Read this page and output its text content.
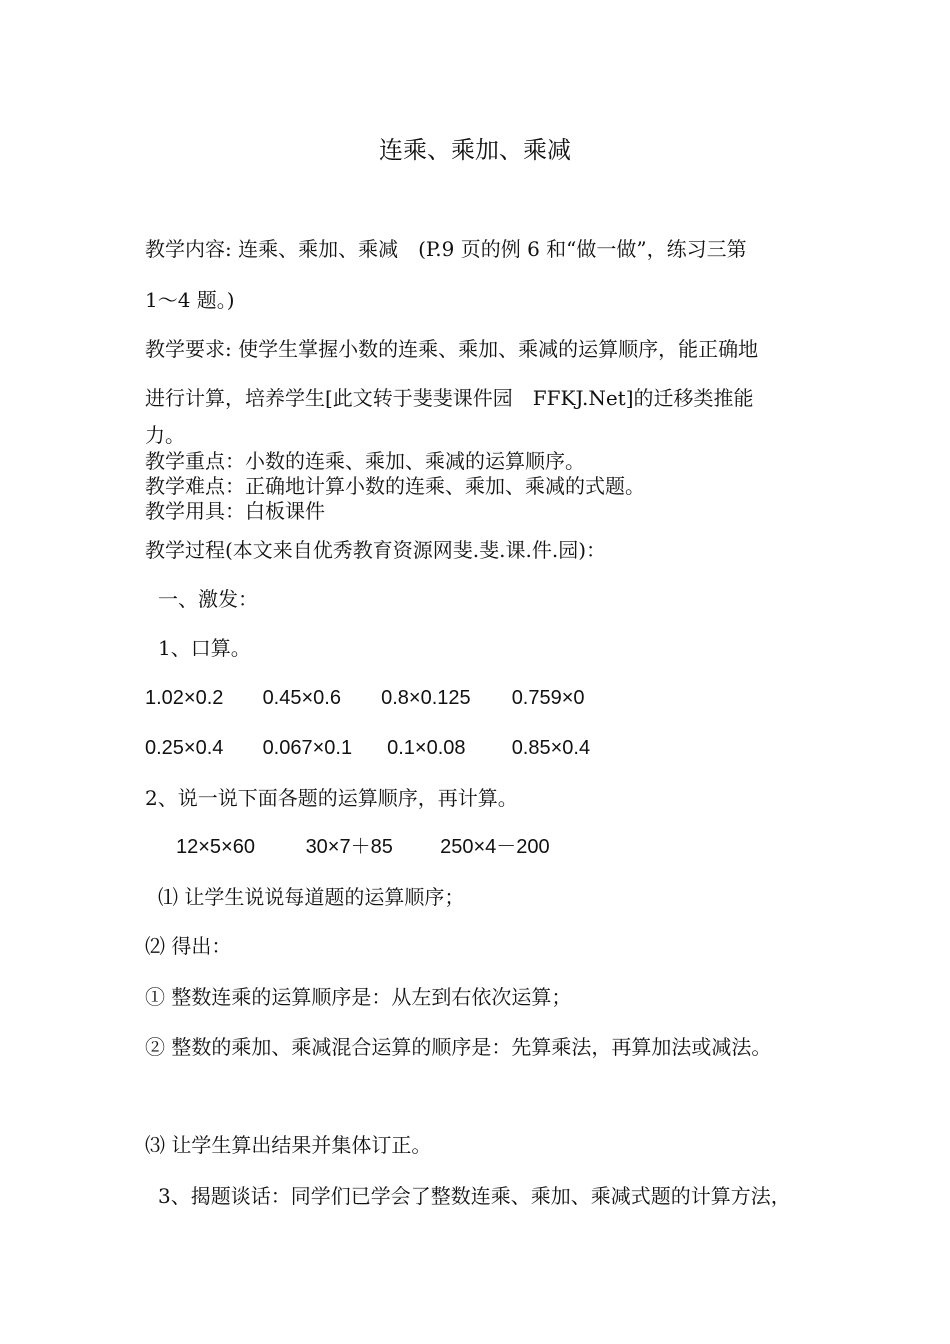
连乘、乘加、乘减
教学内容: 连乘、乘加、乘减　(P.9 页的例 6 和“做一做”，练习三第
1～4 题。)
教学要求: 使学生掌握小数的连乘、乘加、乘减的运算顺序，能正确地
进行计算，培养学生[此文转于斐斐课件园　FFKJ.Net]的迁移类推能
力。
教学重点：小数的连乘、乘加、乘减的运算顺序。
教学难点：正确地计算小数的连乘、乘加、乘减的式题。
教学用具：白板课件
教学过程(本文来自优秀教育资源网斐.斐.课.件.园)：
一、激发：
1、口算。
1.02×0.2 0.45×0.6 0.8×0.125 0.759×0
0.25×0.4 0.067×0.1 0.1×0.08 0.85×0.4
2、说一说下面各题的运算顺序，再计算。
12×5×60	30×7＋85 250×4－200
⑴ 让学生说说每道题的运算顺序；
⑵ 得出：
① 整数连乘的运算顺序是：从左到右依次运算；
② 整数的乘加、乘减混合运算的顺序是：先算乘法，再算加法或减法。
⑶ 让学生算出结果并集体订正。
3、揭题谈话：同学们已学会了整数连乘、乘加、乘减式题的计算方法，
